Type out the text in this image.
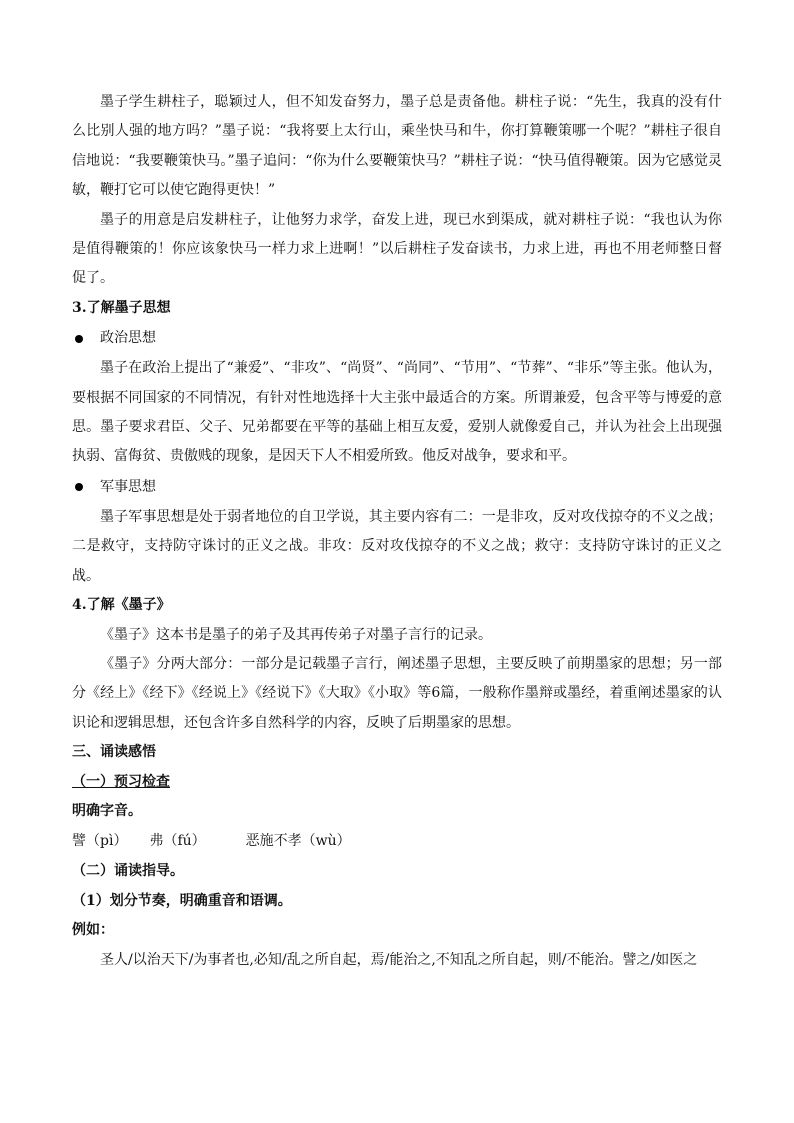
墨子学生耕柱子，聪颖过人，但不知发奋努力，墨子总是责备他。耕柱子说：“先生，我真的没有什么比别人强的地方吗？”墨子说：“我将要上太行山，乘坐快马和牛，你打算鞭策哪一个呢？”耕柱子很自信地说：“我要鞭策快马。”墨子追问：“你为什么要鞭策快马？”耕柱子说：“快马值得鞭策。因为它感觉灵敏，鞭打它可以使它跑得更快！”

墨子的用意是启发耕柱子，让他努力求学，奋发上进，现已水到渠成，就对耕柱子说：“我也认为你是值得鞭策的！你应该象快马一样力求上进啊！”以后耕柱子发奋读书，力求上进，再也不用老师整日督促了。

3.了解墨子思想

政治思想

墨子在政治上提出了“兼爱”、“非攻”、“尚贤”、“尚同”、“节用”、“节葬”、“非乐”等主张。他认为，要根据不同国家的不同情况，有针对性地选择十大主张中最适合的方案。所谓兼爱，包含平等与博爱的意思。墨子要求君臣、父子、兄弟都要在平等的基础上相互友爱，爱别人就像爱自己，并认为社会上出现强执弱、富侮贫、贵傲贱的现象，是因天下人不相爱所致。他反对战争，要求和平。

军事思想

墨子军事思想是处于弱者地位的自卫学说，其主要内容有二：一是非攻，反对攻伐掠夺的不义之战；二是救守，支持防守诛讨的正义之战。非攻：反对攻伐掠夺的不义之战；救守：支持防守诛讨的正义之战。

4.了解《墨子》

《墨子》这本书是墨子的弟子及其再传弟子对墨子言行的记录。

《墨子》分两大部分：一部分是记载墨子言行，阐述墨子思想，主要反映了前期墨家的思想；另一部分《经上》《经下》《经说上》《经说下》《大取》《小取》等6篇，一般称作墨辩或墨经，着重阐述墨家的认识论和逻辑思想，还包含许多自然科学的内容，反映了后期墨家的思想。

三、诵读感悟

（一）预习检查

明确字音。

譬（pì） 弗（fú）	恶施不孝（wù）

（二）诵读指导。

（1）划分节奏，明确重音和语调。

例如：

圣人/以治天下/为事者也,必知/乱之所自起，焉/能治之,不知乱之所自起，则/不能治。譬之/如医之
